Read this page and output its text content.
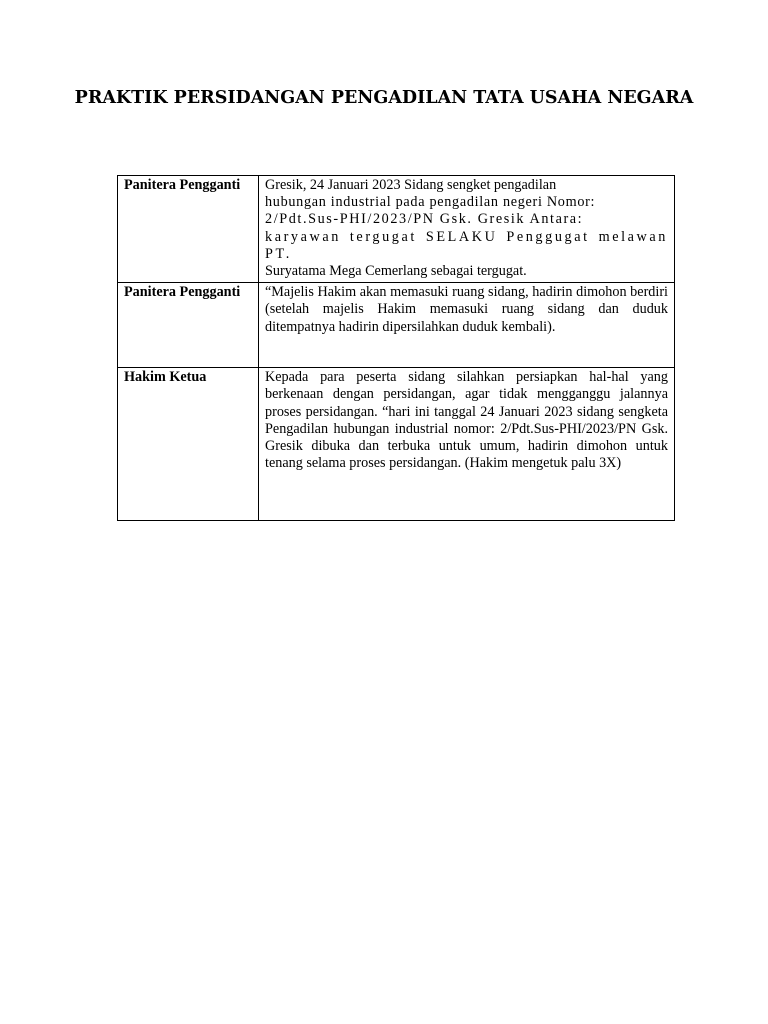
PRAKTIK PERSIDANGAN PENGADILAN TATA USAHA NEGARA
Panitera Pengganti	Gresik, 24 Januari 2023 Sidang sengket pengadilan
hubungan industrial pada pengadilan negeri Nomor:
2/Pdt.Sus-PHI/2023/PN Gsk. Gresik Antara:
karyawan tergugat SELAKU Penggugat melawan PT.
Suryatama Mega Cemerlang sebagai tergugat.
Panitera Pengganti	“Majelis Hakim akan memasuki ruang sidang, hadirin dimohon berdiri (setelah majelis Hakim memasuki ruang sidang dan duduk ditempatnya hadirin dipersilahkan duduk kembali).
Hakim Ketua	Kepada para peserta sidang silahkan persiapkan hal-hal yang berkenaan dengan persidangan, agar tidak mengganggu jalannya proses persidangan. “hari ini tanggal 24 Januari 2023 sidang sengketa Pengadilan hubungan industrial nomor: 2/Pdt.Sus-PHI/2023/PN Gsk. Gresik dibuka dan terbuka untuk umum, hadirin dimohon untuk tenang selama proses persidangan. (Hakim mengetuk palu 3X)
